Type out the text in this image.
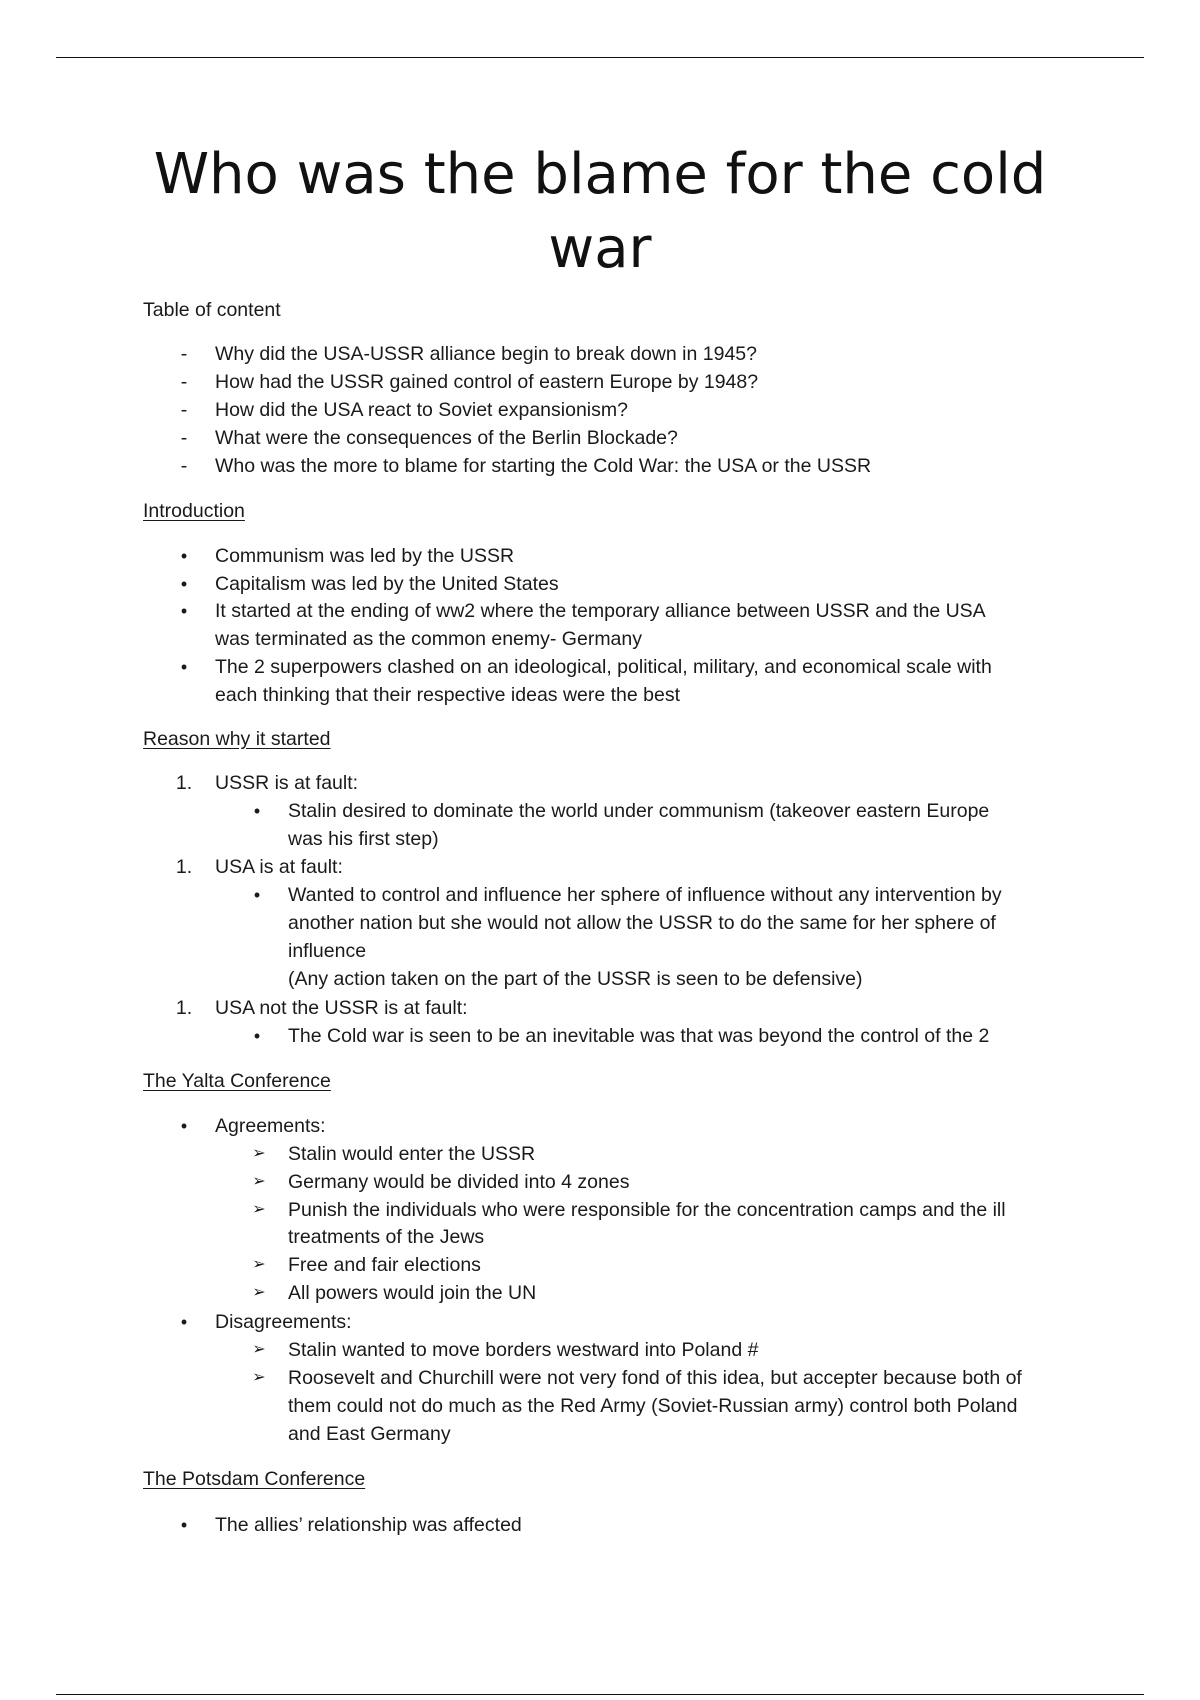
Who was the blame for the cold
war
Table of content
-	Why did the USA-USSR alliance begin to break down in 1945?
-	How had the USSR gained control of eastern Europe by 1948?
-	How did the USA react to Soviet expansionism?
-	What were the consequences of the Berlin Blockade?
-	Who was the more to blame for starting the Cold War: the USA or the USSR
Introduction
•	Communism was led by the USSR
•	Capitalism was led by the United States
•	It started at the ending of ww2 where the temporary alliance between USSR and the USA
was terminated as the common enemy- Germany
•	The 2 superpowers clashed on an ideological, political, military, and economical scale with
each thinking that their respective ideas were the best
Reason why it started
1. USSR is at fault:
•	Stalin desired to dominate the world under communism (takeover eastern Europe
was his first step)
1. USA is at fault:
•	Wanted to control and influence her sphere of influence without any intervention by
another nation but she would not allow the USSR to do the same for her sphere of
influence
(Any action taken on the part of the USSR is seen to be defensive)
1. USA not the USSR is at fault:
•	The Cold war is seen to be an inevitable was that was beyond the control of the 2
The Yalta Conference
•	Agreements:
➢ Stalin would enter the USSR
➢ Germany would be divided into 4 zones
➢ Punish the individuals who were responsible for the concentration camps and the ill
treatments of the Jews
➢ Free and fair elections
➢ All powers would join the UN
•	Disagreements:
➢ Stalin wanted to move borders westward into Poland #
➢ Roosevelt and Churchill were not very fond of this idea, but accepter because both of
them could not do much as the Red Army (Soviet-Russian army) control both Poland
and East Germany
The Potsdam Conference
•	The allies’ relationship was affected
